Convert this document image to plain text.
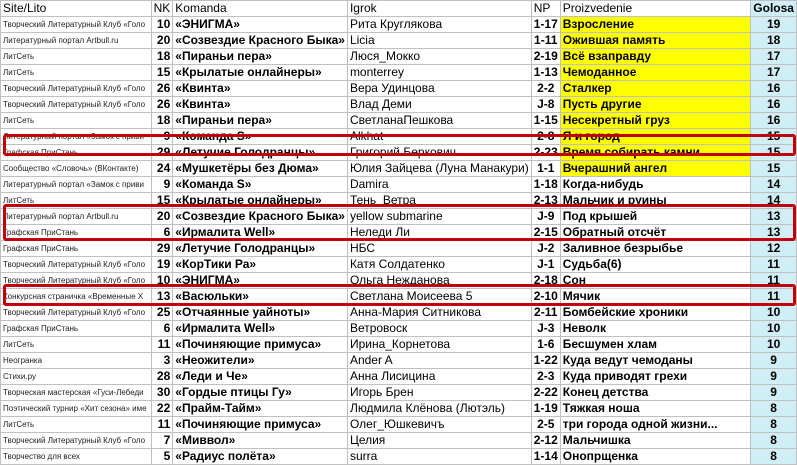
Site/Lito	NK	Komanda	Igrok	NP	Proizvedenie	Golosa
Творческий Литературный Клуб «Голо	10	«ЭНИГМА»	Рита Круглякова	1-17	Взросление	19
Литературный портал Artbull.ru	20	«Созвездие Красного Быка»	Licia	1-11	Ожившая память	18
ЛитСеть	18	«Пираньи пера»	Люся_Мокко	2-19	Всё взаправду	17
ЛитСеть	15	«Крылатые онлайнеры»	monterrey	1-13	Чемоданное	17
Творческий Литературный Клуб «Голо	26	«Квинта»	Вера Удинцова	2-2	Сталкер	16
Творческий Литературный Клуб «Голо	26	«Квинта»	Влад Деми	J-8	Пусть другие	16
ЛитСеть	18	«Пираньи пера»	СветланаПешкова	1-15	Несекретный груз	16
Литературный портал «Замок с приви	9	«Команда S»	Alkhat	2-8	Я и город	15
Графская ПриСтань	29	«Летучие Голодранцы»	Григорий Беркович	2-23	Время собирать камни	15
Сообщество «Словочь» (ВКонтакте)	24	«Мушкетёры без Дюма»	Юлия Зайцева (Луна Манакури)	1-1	Вчерашний ангел	15
Литературный портал «Замок с приви	9	«Команда S»	Damira	1-18	Когда-нибудь	14
ЛитСеть	15	«Крылатые онлайнеры»	Тень_Ветра	2-13	Мальчик и руины	14
Литературный портал Artbull.ru	20	«Созвездие Красного Быка»	yellow submarine	J-9	Под крышей	13
Графская ПриСтань	6	«Ирмалита Well»	Неледи Ли	2-15	Обратный отсчёт	13
Графская ПриСтань	29	«Летучие Голодранцы»	НБС	J-2	Заливное безрыбье	12
Творческий Литературный Клуб «Голо	19	«КорТики Ра»	Катя Солдатенко	J-1	Судьба(6)	11
Творческий Литературный Клуб «Голо	10	«ЭНИГМА»	Ольга Нежданова	2-18	Сон	11
Конкурсная страничка «Временные Х	13	«Васюльки»	Светлана Моисеева 5	2-10	Мячик	11
Творческий Литературный Клуб «Голо	25	«Отчаянные уайноты»	Анна-Мария Ситникова	2-11	Бомбейские хроники	10
Графская ПриСтань	6	«Ирмалита Well»	Ветровоск	J-3	Неволк	10
ЛитСеть	11	«Починяющие примуса»	Ирина_Корнетова	1-6	Бесшумен хлам	10
Неогранка	3	«Неожители»	Ander A	1-22	Куда ведут чемоданы	9
Стихи.ру	28	«Леди и Че»	Анна Лисицина	2-3	Куда приводят грехи	9
Творческая мастерская «Гуси-Лебеди	30	«Гордые птицы Гу»	Игорь Брен	2-22	Конец детства	9
Поэтический турнир «Хит сезона» име	22	«Прайм-Тайм»	Людмила Клёнова (Лютэль)	1-19	Тяжкая ноша	8
ЛитСеть	11	«Починяющие примуса»	Олег_Юшкевичъ	2-5	три города одной жизни...	8
Творческий Литературный Клуб «Голо	7	«Миввол»	Целия	2-12	Мальчишка	8
Творчество для всех	5	«Радиус полёта»	surra	1-14	Онопрщенка	8
